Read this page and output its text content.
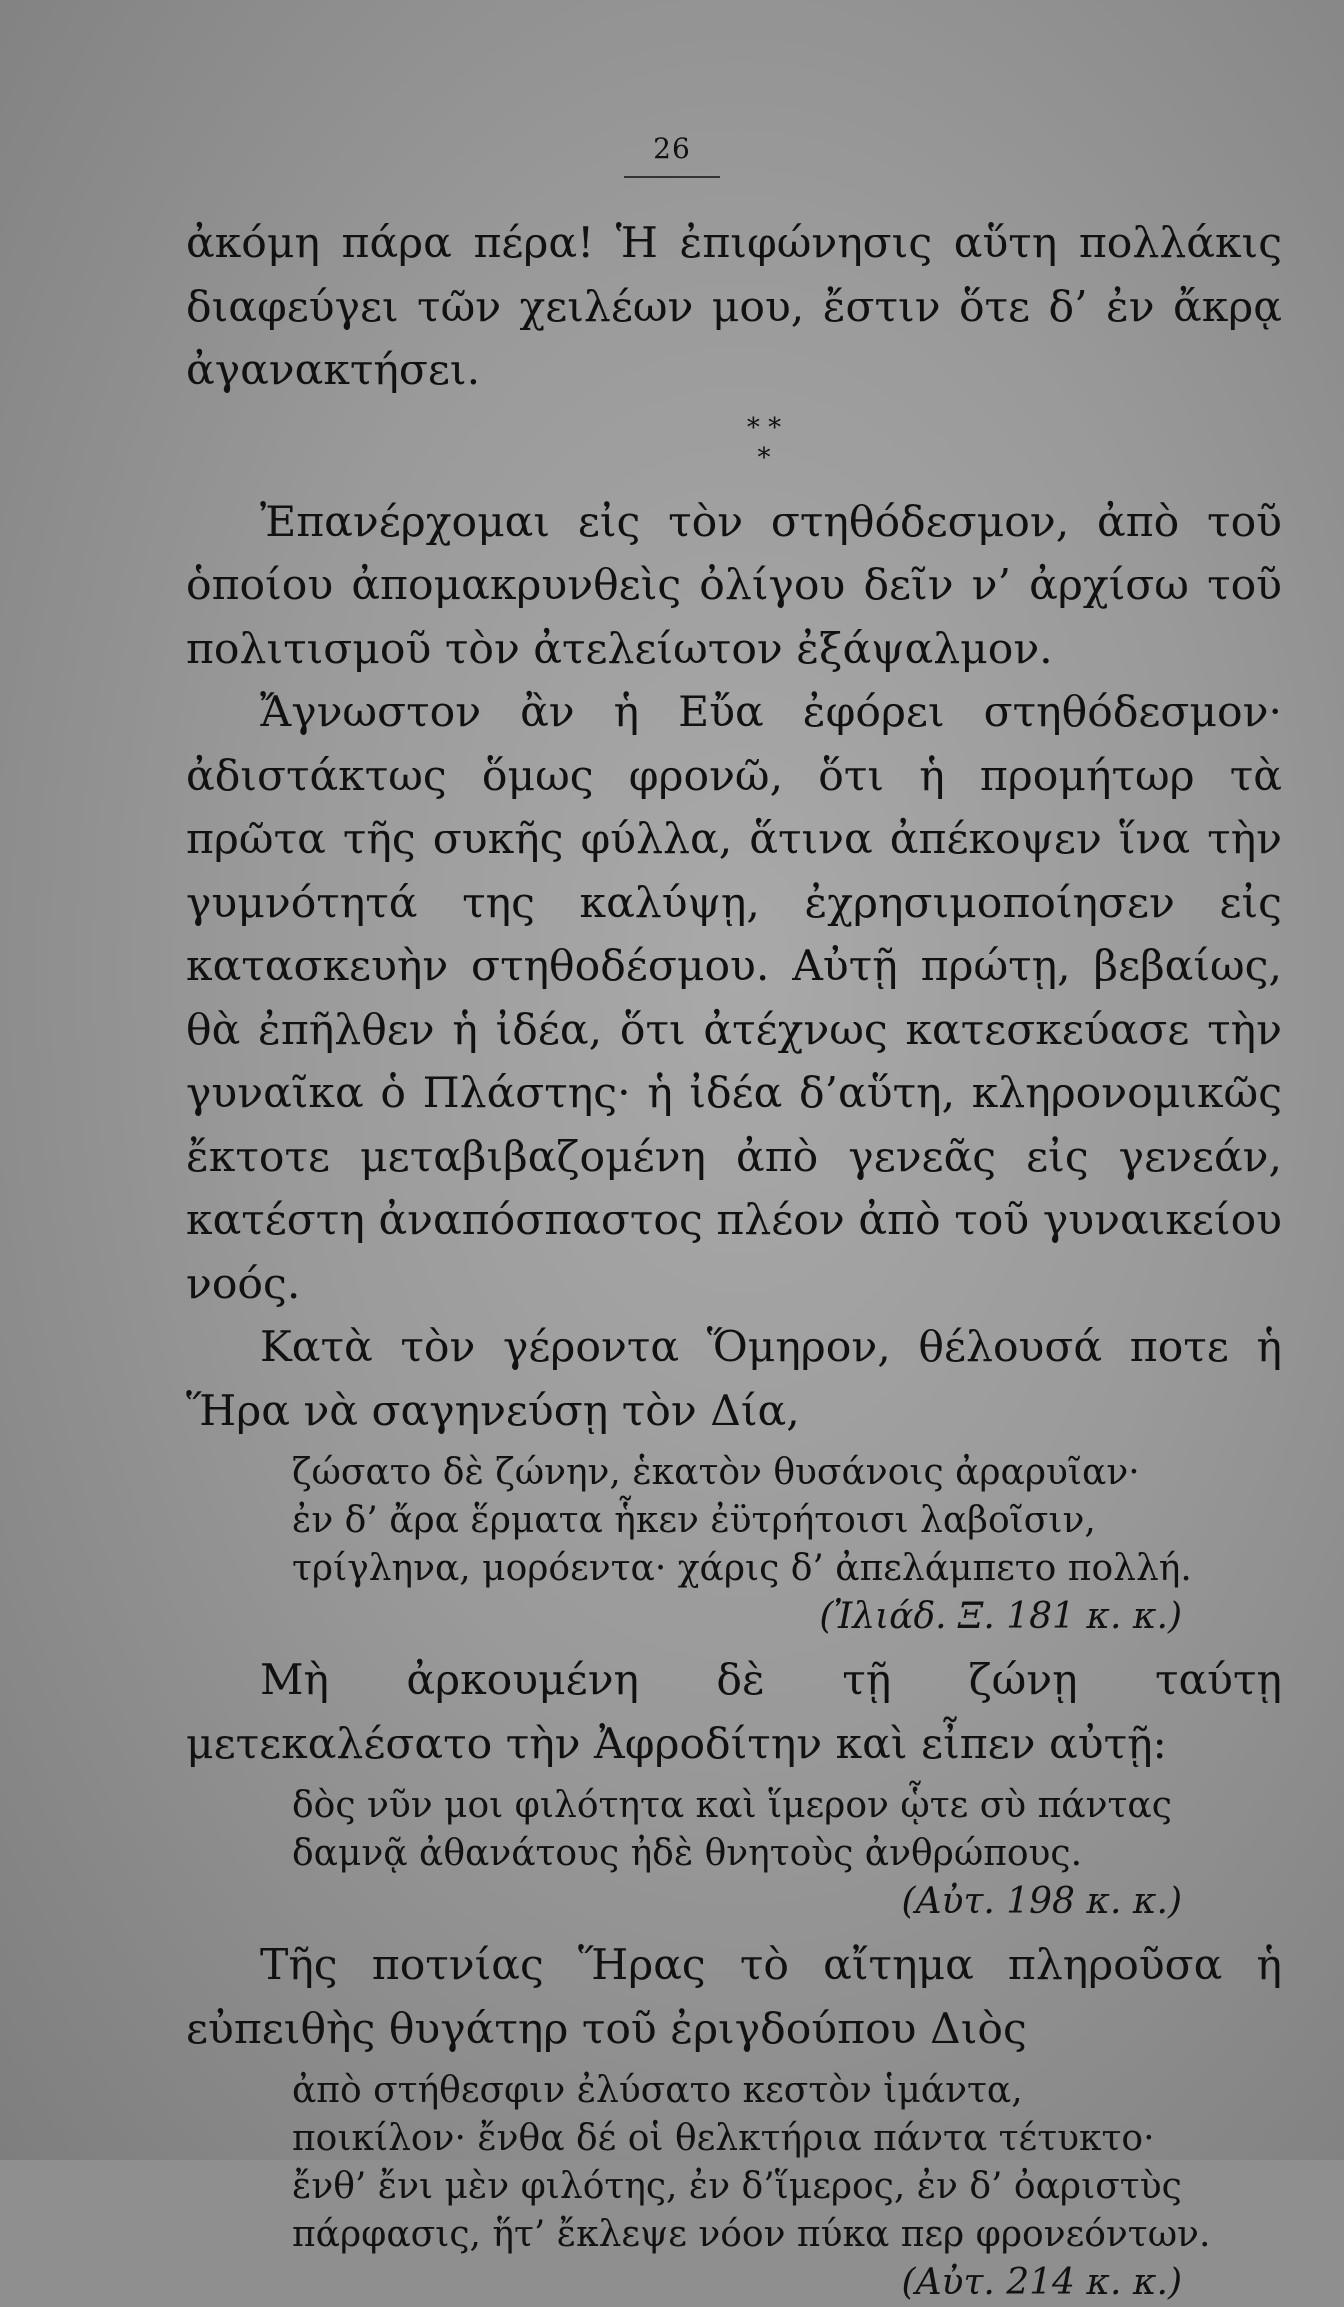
26

ἀκόμη πάρα πέρα! Ἡ ἐπιφώνησις αὕτη πολλάκις διαφεύγει τῶν χειλέων μου, ἔστιν ὅτε δ’ ἐν ἄκρᾳ ἀγανακτήσει.

* *
*

Ἐπανέρχομαι εἰς τὸν στηθόδεσμον, ἀπὸ τοῦ ὁποίου ἀπομακρυνθεὶς ὀλίγου δεῖν ν’ ἀρχίσω τοῦ πολιτισμοῦ τὸν ἀτελείωτον ἐξάψαλμον.

Ἄγνωστον ἂν ἡ Εὔα ἐφόρει στηθόδεσμον· ἀδιστάκτως ὅμως φρονῶ, ὅτι ἡ προμήτωρ τὰ πρῶτα τῆς συκῆς φύλλα, ἅτινα ἀπέκοψεν ἵνα τὴν γυμνότητά της καλύψῃ, ἐχρησιμοποίησεν εἰς κατασκευὴν στηθοδέσμου. Αὐτῇ πρώτῃ, βεβαίως, θὰ ἐπῆλθεν ἡ ἰδέα, ὅτι ἀτέχνως κατεσκεύασε τὴν γυναῖκα ὁ Πλάστης· ἡ ἰδέα δ’αὕτη, κληρονομικῶς ἔκτοτε μεταβιβαζομένη ἀπὸ γενεᾶς εἰς γενεάν, κατέστη ἀναπόσπαστος πλέον ἀπὸ τοῦ γυναικείου νοός.

Κατὰ τὸν γέροντα Ὅμηρον, θέλουσά ποτε ἡ Ἥρα νὰ σαγηνεύσῃ τὸν Δία,

ζώσατο δὲ ζώνην, ἑκατὸν θυσάνοις ἀραρυῖαν·
ἐν δ’ ἄρα ἕρματα ἧκεν ἐϋτρήτοισι λαβοῖσιν,
τρίγληνα, μορόεντα· χάρις δ’ ἀπελάμπετο πολλή.
(Ἰλιάδ. Ξ. 181 κ. κ.)

Μὴ ἀρκουμένη δὲ τῇ ζώνῃ ταύτῃ μετεκαλέσατο τὴν Ἀφροδίτην καὶ εἶπεν αὐτῇ:

δὸς νῦν μοι φιλότητα καὶ ἵμερον ᾧτε σὺ πάντας
δαμνᾷ ἀθανάτους ἠδὲ θνητοὺς ἀνθρώπους.
(Αὐτ. 198 κ. κ.)

Τῆς ποτνίας Ἥρας τὸ αἴτημα πληροῦσα ἡ εὐπειθὴς θυγάτηρ τοῦ ἐριγδούπου Διὸς

ἀπὸ στήθεσφιν ἐλύσατο κεστὸν ἱμάντα,
ποικίλον· ἔνθα δέ οἱ θελκτήρια πάντα τέτυκτο·
ἔνθ’ ἔνι μὲν φιλότης, ἐν δ’ἵμερος, ἐν δ’ ὀαριστὺς
πάρφασις, ἥτ’ ἔκλεψε νόον πύκα περ φρονεόντων.
(Αὐτ. 214 κ. κ.)
